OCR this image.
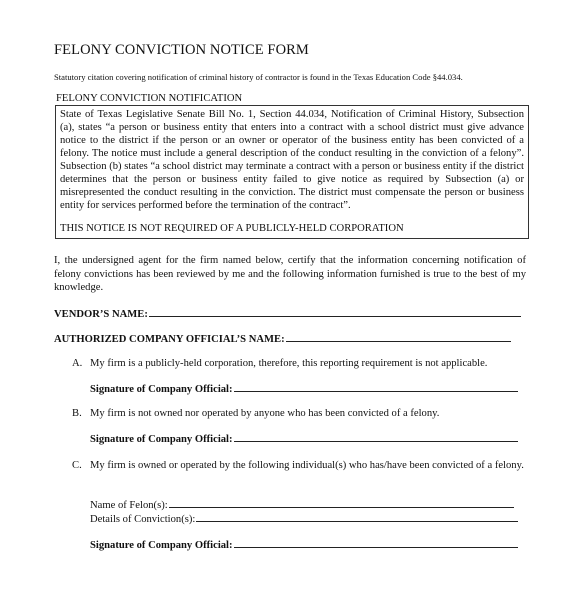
FELONY CONVICTION NOTICE FORM
Statutory citation covering notification of criminal history of contractor is found in the Texas Education Code §44.034.
FELONY CONVICTION NOTIFICATION

State of Texas Legislative Senate Bill No. 1, Section 44.034, Notification of Criminal History, Subsection (a), states “a person or business entity that enters into a contract with a school district must give advance notice to the district if the person or an owner or operator of the business entity has been convicted of a felony. The notice must include a general description of the conduct resulting in the conviction of a felony”. Subsection (b) states “a school district may terminate a contract with a person or business entity if the district determines that the person or business entity failed to give notice as required by Subsection (a) or misrepresented the conduct resulting in the conviction. The district must compensate the person or business entity for services performed before the termination of the contract”.

THIS NOTICE IS NOT REQUIRED OF A PUBLICLY-HELD CORPORATION

I, the undersigned agent for the firm named below, certify that the information concerning notification of felony convictions has been reviewed by me and the following information furnished is true to the best of my knowledge.

VENDOR’S NAME:
AUTHORIZED COMPANY OFFICIAL’S NAME:
A. My firm is a publicly-held corporation, therefore, this reporting requirement is not applicable.
Signature of Company Official:
B. My firm is not owned nor operated by anyone who has been convicted of a felony.
Signature of Company Official:
C. My firm is owned or operated by the following individual(s) who has/have been convicted of a felony.
Name of Felon(s):
Details of Conviction(s):
Signature of Company Official:
